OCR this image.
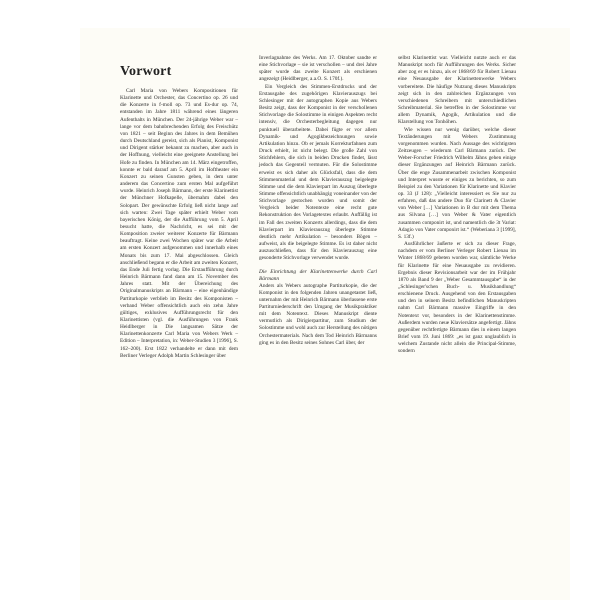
Vorwort

Carl Maria von Webers Kompositionen für Klarinette und Orchester, das Concertino op. 26 und die Konzerte in f-moll op. 73 und Es-dur op. 74, entstanden im Jahre 1811 während eines längeren Aufenthalts in München. Der 24-jährige Weber war – lange vor dem bahnbrechenden Erfolg des Freischütz von 1821 – seit Beginn des Jahres in dem Bemühen durch Deutschland gereist, sich als Pianist, Komponist und Dirigent stärker bekannt zu machen, aber auch in der Hoffnung, vielleicht eine geeignete Anstellung bei Hofe zu finden. In München am 14. März eingetroffen, konnte er bald darauf am 5. April im Hoftheater ein Konzert zu seinen Gunsten geben, in dem unter anderem das Concertino zum ersten Mal aufgeführt wurde. Heinrich Joseph Bärmann, der erste Klarinettist der Münchner Hofkapelle, übernahm dabei den Solopart. Der gewünschte Erfolg ließ nicht lange auf sich warten: Zwei Tage später erhielt Weber vom bayerischen König, der die Aufführung vom 5. April besucht hatte, die Nachricht, es sei mit der Komposition zweier weiterer Konzerte für Bärmann beauftragt. Keine zwei Wochen später war die Arbeit am ersten Konzert aufgenommen und innerhalb eines Monats bis zum 17. Mai abgeschlossen. Gleich anschließend begann er die Arbeit am zweiten Konzert, das Ende Juli fertig vorlag. Die Erstaufführung durch Heinrich Bärmann fand dann am 15. November des Jahres statt. Mit der Übereichung des Originalmanuskripts an Bärmann – eine eigenhändige Partiturkopie verblieb im Besitz des Komponisten – verband Weber offensichtlich auch ein zehn Jahre gültiges, exklusives Aufführungsrecht für den Klarinettisten (vgl. die Ausführungen von Frank Heidlberger in Die langsamen Sätze der Klarinettenkonzerte Carl Maria von Webers Werk – Edition – Interpretation, in: Weber-Studien 3 [1996], S. 162–200). Erst 1822 verhandelte er dann mit dem Berliner Verleger Adolph Martin Schlesinger über

Inverlagnahme des Werks. Am 17. Oktober sandte er eine Stichvorlage – sie ist verschollen – und drei Jahre später wurde das zweite Konzert als erschienen angezeigt (Heidlberger, a.a.O. S. 170f.).

Ein Vergleich des Stimmen-Erstdrucks und der Erstausgabe des zugehörigen Klavierauszugs bei Schlesinger mit der autographen Kopie aus Webers Besitz zeigt, dass der Komponist in der verschollenen Stichvorlage die Solostimme in einigen Aspekten recht intensiv, die Orchesterbegleitung dagegen nur punktuell überarbeitete. Dabei fügte er vor allem Dynamik- und Agogikbezeichnungen sowie Artikulation hinzu. Ob er jemals Korrekturfahnen zum Druck erhielt, ist nicht belegt. Die große Zahl von Stichfehlern, die sich in beiden Drucken findet, lässt jedoch das Gegenteil vermuten. Für die Solostimme erweist es sich daher als Glücksfall, dass die dem Stimmenmaterial und dem Klavierauszug beigelegte Stimme und die dem Klavierpart im Auszug überlegte Stimme offensichtlich unabhängig voneinander von der Stichvorlage gestochen wurden und somit der Vergleich beider Notentexte eine recht gute Rekonstruktion des Vorlagetextes erlaubt. Auffällig ist im Fall des zweiten Konzerts allerdings, dass die dem Klavierpart im Klavierauszug überlegte Stimme deutlich mehr Artikulation – besonders Bögen – aufweist, als die beigelegte Stimme. Es ist daher nicht auszuschließen, dass für den Klavierauszug eine gesonderte Stichvorlage verwendet wurde.

Die Einrichtung der Klarinettenwerke durch Carl Bärmann

Anders als Webers autographe Partiturkopie, die der Komponist in den folgenden Jahren unangetastet ließ, unternahm der mit Heinrich Bärmann überlassene erste Partiturniederschrift den Umgang der Musikpraktiker mit dem Notentext. Dieses Manuskript diente vermutlich als Dirigierpartitur, zum Studium der Solostimme und wohl auch zur Herstellung des nötigen Orchestermaterials. Nach dem Tod Heinrich Bärmanns ging es in den Besitz seines Sohnes Carl über, der

selbst Klarinettist war. Vielleicht nutzte auch er das Manuskript noch für Aufführungen des Werks. Sicher aber zog er es hinzu, als er 1868/69 für Robert Lienau eine Neuausgabe der Klarinettenwerke Webers vorbereitete. Die häufige Nutzung dieses Manuskripts zeigt sich in den zahlreichen Ergänzungen von verschiedenen Schreibern mit unterschiedlichen Schreibmaterial. Sie betreffen in der Solostimme vor allem Dynamik, Agogik, Artikulation und die Klarstellung von Tonhöhen.

Wie wissen nur wenig darüber, welche dieser Textänderungen mit Webers Zustimmung vorgenommen wurden. Nach Aussage des wichtigsten Zeitzeugen – wiederum Carl Bärmann zurück. Der Weber-Forscher Friedrich Wilhelm Jähns gehen einige dieser Ergänzungen auf Heinrich Bärmann zurück. Über die enge Zusammenarbeit zwischen Komponist und Interpret wusste er einiges zu berichten, so zum Beispiel zu den Variationen für Klarinette und Klavier op. 33 (J 128): „Vielleicht interessiert es Sie nur zu erfahren, daß das andere Duo für Clarinett & Clavier von Weber […] Variationen in B dur mit dem Thema aus Silvana […] von Weber & Vater eigentlich zusammen componirt ist, und namentlich die 3t Variat: Adagio von Vater componirt ist.“ (Weberiana 3 [1999], S. 13f.)

Ausführlicher äußerte er sich zu dieser Frage, nachdem er vom Berliner Verleger Robert Lienau im Winter 1868/69 gebeten worden war, sämtliche Werke für Klarinette für eine Neuausgabe zu revidieren. Ergebnis dieser Revisionsarbeit war der im Frühjahr 1870 als Band 9 der „Weber Gesammtausgabe“ in der „Schlesinger'schen Buch- u. Musikhandlung“ erschienene Druck. Ausgehend von den Erstausgaben und den in seinem Besitz befindlichen Manuskripten nahm Carl Bärmann massive Eingriffe in den Notentext vor, besonders in der Klarinettenstimme. Außerdem wurden neue Klaviersätze angefertigt. Jähns gegenüber rechtfertigte Bärmann dies in einem langen Brief vom 19. Juni 1869: „es ist ganz unglaublich in welchem Zustande nicht allein die Principal-Stimme, sondern
